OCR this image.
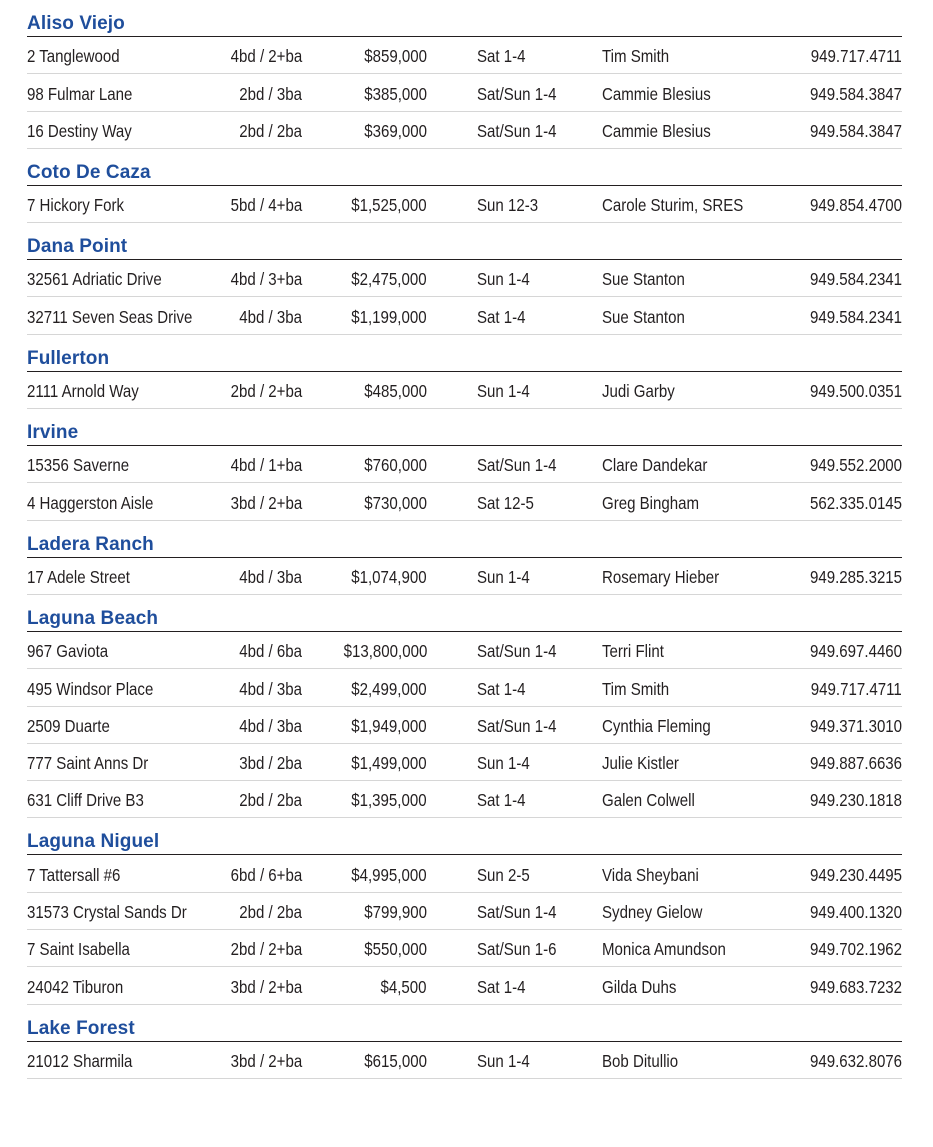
Aliso Viejo
2 Tanglewood	4bd / 2+ba	$859,000	Sat 1-4	Tim Smith	949.717.4711
98 Fulmar Lane	2bd / 3ba	$385,000	Sat/Sun 1-4	Cammie Blesius	949.584.3847
16 Destiny Way	2bd / 2ba	$369,000	Sat/Sun 1-4	Cammie Blesius	949.584.3847
Coto De Caza
7 Hickory Fork	5bd / 4+ba	$1,525,000	Sun 12-3	Carole Sturim, SRES	949.854.4700
Dana Point
32561 Adriatic Drive	4bd / 3+ba	$2,475,000	Sun 1-4	Sue Stanton	949.584.2341
32711 Seven Seas Drive	4bd / 3ba	$1,199,000	Sat 1-4	Sue Stanton	949.584.2341
Fullerton
2111 Arnold Way	2bd / 2+ba	$485,000	Sun 1-4	Judi Garby	949.500.0351
Irvine
15356 Saverne	4bd / 1+ba	$760,000	Sat/Sun 1-4	Clare Dandekar	949.552.2000
4 Haggerston Aisle	3bd / 2+ba	$730,000	Sat 12-5	Greg Bingham	562.335.0145
Ladera Ranch
17 Adele Street	4bd / 3ba	$1,074,900	Sun 1-4	Rosemary Hieber	949.285.3215
Laguna Beach
967 Gaviota	4bd / 6ba $13,800,000	Sat/Sun 1-4	Terri Flint	949.697.4460
495 Windsor Place	4bd / 3ba	$2,499,000	Sat 1-4	Tim Smith	949.717.4711
2509 Duarte	4bd / 3ba	$1,949,000	Sat/Sun 1-4	Cynthia Fleming	949.371.3010
777 Saint Anns Dr	3bd / 2ba	$1,499,000	Sun 1-4	Julie Kistler	949.887.6636
631 Cliff Drive B3	2bd / 2ba	$1,395,000	Sat 1-4	Galen Colwell	949.230.1818
Laguna Niguel
7 Tattersall #6	6bd / 6+ba	$4,995,000	Sun 2-5	Vida Sheybani	949.230.4495
31573 Crystal Sands Dr	2bd / 2ba	$799,900	Sat/Sun 1-4	Sydney Gielow	949.400.1320
7 Saint Isabella	2bd / 2+ba	$550,000	Sat/Sun 1-6	Monica Amundson	949.702.1962
24042 Tiburon	3bd / 2+ba	$4,500	Sat 1-4	Gilda Duhs	949.683.7232
Lake Forest
21012 Sharmila	3bd / 2+ba	$615,000	Sun 1-4	Bob Ditullio	949.632.8076
